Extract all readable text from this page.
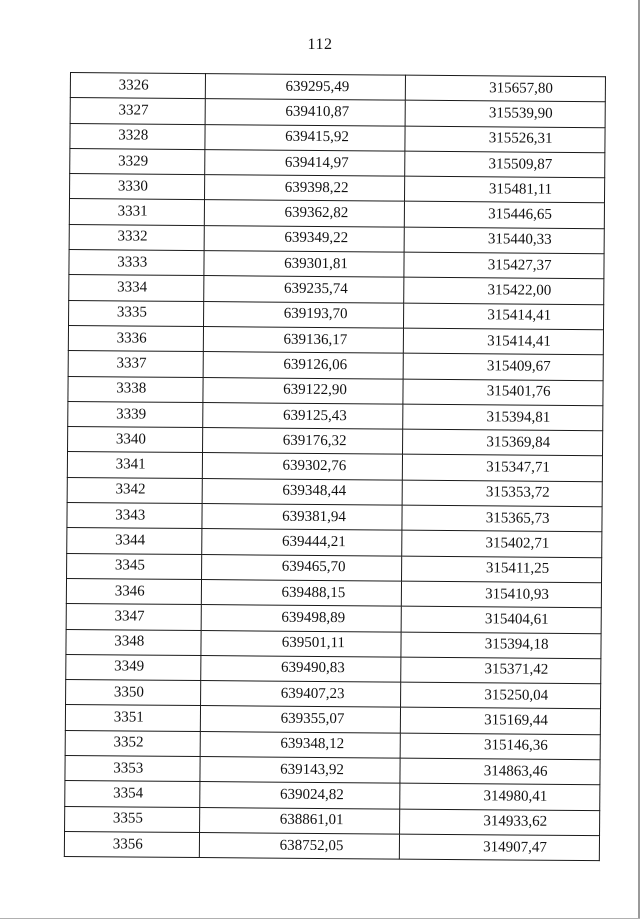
112
3326	639295,49	315657,80
3327	639410,87	315539,90
3328	639415,92	315526,31
3329	639414,97	315509,87
3330	639398,22	315481,11
3331	639362,82	315446,65
3332	639349,22	315440,33
3333	639301,81	315427,37
3334	639235,74	315422,00
3335	639193,70	315414,41
3336	639136,17	315414,41
3337	639126,06	315409,67
3338	639122,90	315401,76
3339	639125,43	315394,81
3340	639176,32	315369,84
3341	639302,76	315347,71
3342	639348,44	315353,72
3343	639381,94	315365,73
3344	639444,21	315402,71
3345	639465,70	315411,25
3346	639488,15	315410,93
3347	639498,89	315404,61
3348	639501,11	315394,18
3349	639490,83	315371,42
3350	639407,23	315250,04
3351	639355,07	315169,44
3352	639348,12	315146,36
3353	639143,92	314863,46
3354	639024,82	314980,41
3355	638861,01	314933,62
3356	638752,05	314907,47
